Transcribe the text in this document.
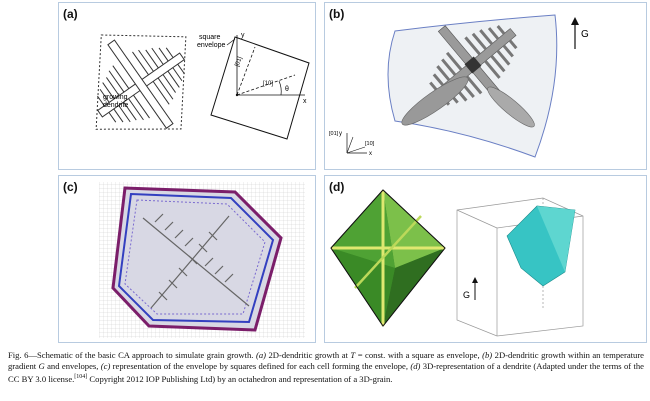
(a)
growing
dendrite
square
envelope
y
x
[01]
[10]
θ
(b)
G
[01]
[10]
y
x
(c)	(d)
G
Fig. 6—Schematic of the basic CA approach to simulate grain growth. (a) 2D-dendritic growth at T = const. with a square as envelope, (b) 2D-dendritic growth within an temperature gradient G and envelopes, (c) representation of the envelope by squares defined for each cell forming the envelope, (d) 3D-representation of a dendrite (Adapted under the terms of the CC BY 3.0 license.[104] Copyright 2012 IOP Publishing Ltd) by an octahedron and representation of a 3D-grain.
